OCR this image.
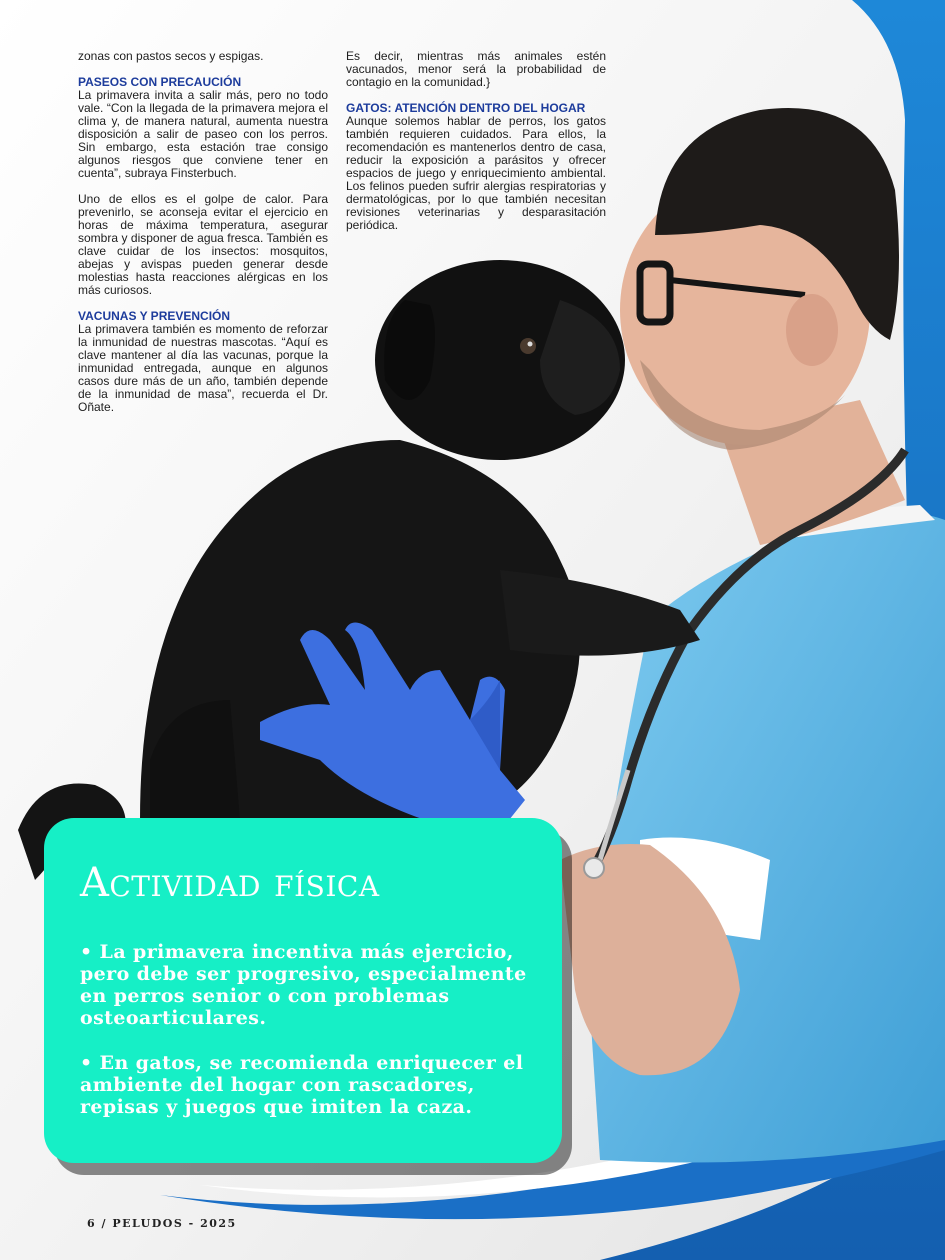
zonas con pastos secos y espigas.

PASEOS CON PRECAUCIÓN

La primavera invita a salir más, pero no todo vale. “Con la llegada de la primavera mejora el clima y, de manera natural, aumenta nuestra disposición a salir de paseo con los perros. Sin embargo, esta estación trae consigo algunos riesgos que conviene tener en cuenta”, subraya Finsterbuch.

Uno de ellos es el golpe de calor. Para prevenirlo, se aconseja evitar el ejercicio en horas de máxima temperatura, asegurar sombra y disponer de agua fresca. También es clave cuidar de los insectos: mosquitos, abejas y avispas pueden generar desde molestias hasta reacciones alérgicas en los más curiosos.

VACUNAS Y PREVENCIÓN

La primavera también es momento de reforzar la inmunidad de nuestras mascotas. “Aquí es clave mantener al día las vacunas, porque la inmunidad entregada, aunque en algunos casos dure más de un año, también depende de la inmunidad de masa”, recuerda el Dr. Oñate.

Es decir, mientras más animales estén vacunados, menor será la probabilidad de contagio en la comunidad.}

GATOS: ATENCIÓN DENTRO DEL HOGAR

Aunque solemos hablar de perros, los gatos también requieren cuidados. Para ellos, la recomendación es mantenerlos dentro de casa, reducir la exposición a parásitos y ofrecer espacios de juego y enriquecimiento ambiental. Los felinos pueden sufrir alergias respiratorias y dermatológicas, por lo que también necesitan revisiones veterinarias y desparasitación periódica.

Actividad física

• La primavera incentiva más ejercicio, pero debe ser progresivo, especialmente en perros senior o con problemas osteoarticulares.

• En gatos, se recomienda enriquecer el ambiente del hogar con rascadores, repisas y juegos que imiten la caza.

6 / PELUDOS - 2025
